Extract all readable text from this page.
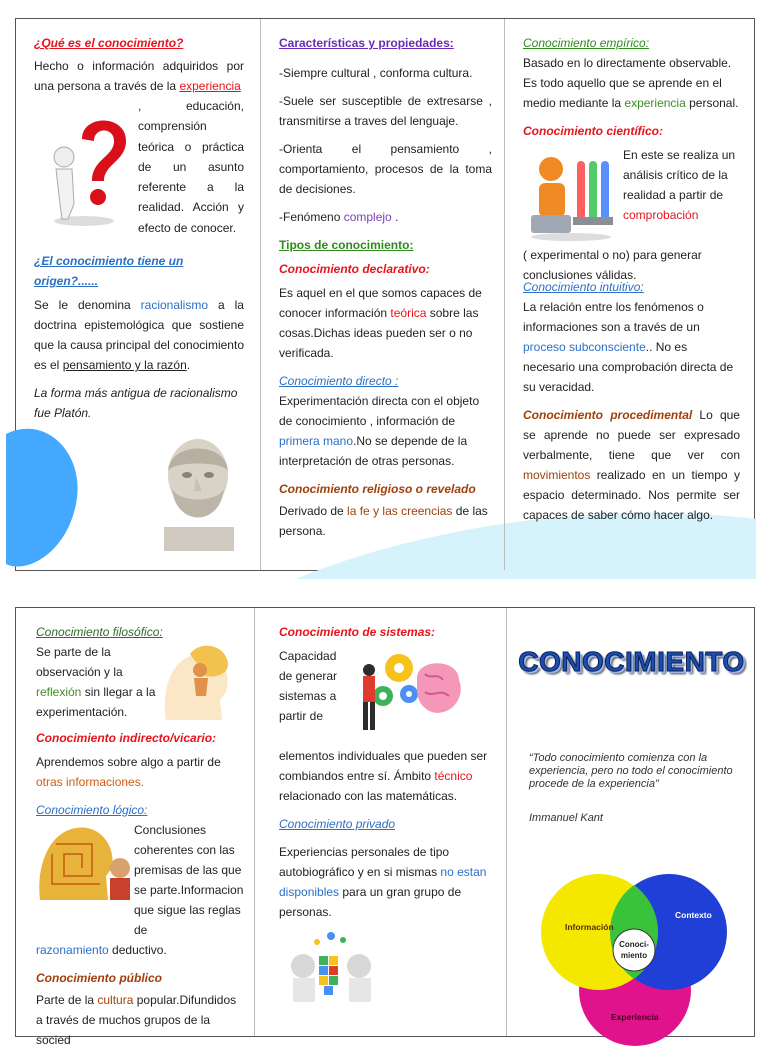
¿Qué es el conocimiento?

Hecho o información adquiridos por una persona a través de la experiencia
, educación, comprensión teórica o práctica de un asunto referente a la realidad. Acción y efecto de conocer.

¿El conocimiento tiene un origen?......

Se le denomina racionalismo a la doctrina epistemológica que sostiene que la causa principal del conocimiento es el pensamiento y la razón.

La forma más antigua de racionalismo fue Platón.

Características y propiedades:

-Siempre cultural , conforma cultura.

-Suele ser susceptible de extresarse , transmitirse a traves del lenguaje.

-Orienta el pensamiento , comportamiento, procesos de la toma de decisiones.

-Fenómeno complejo .

Tipos de conocimiento:

Conocimiento declarativo:

Es aquel en el que somos capaces de conocer información teórica sobre las cosas.Dichas ideas pueden ser o no verificada.

Conocimiento directo :

Experimentación directa con el objeto de conocimiento , información de primera mano.No se depende de la interpretación de otras personas.

Conocimiento religioso o revelado

Derivado de la fe y las creencias de las persona.

Conocimiento empírico:

Basado en lo directamente observable. Es todo aquello que se aprende en el medio mediante la experiencia personal.

Conocimiento científico:

En este se realiza un análisis crítico de la realidad a partir de comprobación
( experimental o no) para generar conclusiones válidas.

Conocimiento intuitivo:

La relación entre los fenómenos o informaciones son a través de un proceso subconsciente.. No es necesario una comprobación directa de su veracidad.

Conocimiento procedimental Lo que se aprende no puede ser expresado verbalmente, tiene que ver con movimientos realizado en un tiempo y espacio determinado. Nos permite ser capaces de saber cómo hacer algo.

Conocimiento filosófico:

Se parte de la observación y la reflexión sin llegar a la experimentación.

Conocimiento indirecto/vicario:

Aprendemos sobre algo a partir de otras informaciones.

Conocimiento lógico:

Conclusiones coherentes con las premisas de las que se parte.Informacion que sigue las reglas de

razonamiento deductivo.

Conocimiento público

Parte de la cultura popular.Difundidos a través de muchos grupos de la socied

Conocimiento de sistemas:

Capacidad de generar sistemas a partir de

elementos individuales que pueden ser combiandos entre sí. Ámbito técnico relacionado con las matemáticas.

Conocimiento privado

Experiencias personales de tipo autobiográfico y en si mismas no estan disponibles para un gran grupo de personas.

CONOCIMIENTO
“Todo conocimiento comienza con la experiencia, pero no todo el conocimiento procede de la experiencia”
Immanuel Kant
Información
Contexto
Experiencia
Conoci-
miento
